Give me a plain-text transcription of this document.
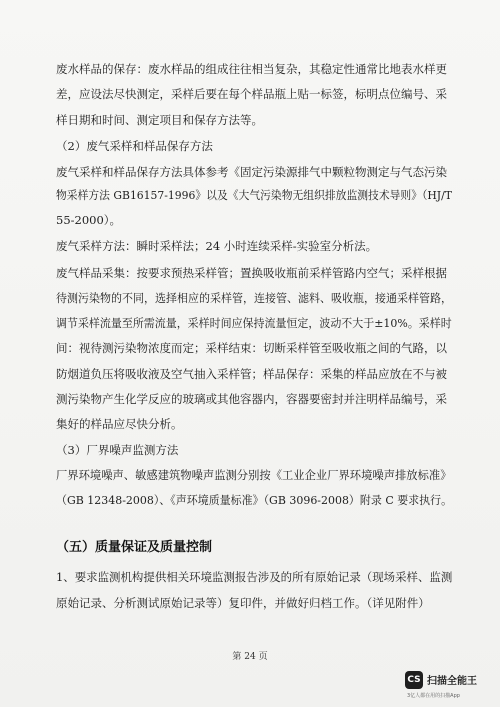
废水样品的保存：废水样品的组成往往相当复杂，其稳定性通常比地表水样更
差，应设法尽快测定，采样后要在每个样品瓶上贴一标签，标明点位编号、采
样日期和时间、测定项目和保存方法等。
（2）废气采样和样品保存方法
废气采样和样品保存方法具体参考《固定污染源排气中颗粒物测定与气态污染
物采样方法 GB16157-1996》以及《大气污染物无组织排放监测技术导则》（HJ/T
55-2000）。
废气采样方法：瞬时采样法；24 小时连续采样-实验室分析法。
废气样品采集：按要求预热采样管；置换吸收瓶前采样管路内空气；采样根据
待测污染物的不同，选择相应的采样管，连接管、滤料、吸收瓶，接通采样管路，
调节采样流量至所需流量，采样时间应保持流量恒定，波动不大于±10%。采样时
间：视待测污染物浓度而定；采样结束：切断采样管至吸收瓶之间的气路，以
防烟道负压将吸收液及空气抽入采样管；样品保存：采集的样品应放在不与被
测污染物产生化学反应的玻璃或其他容器内，容器要密封并注明样品编号，采
集好的样品应尽快分析。
（3）厂界噪声监测方法
厂界环境噪声、敏感建筑物噪声监测分别按《工业企业厂界环境噪声排放标准》
（GB 12348-2008）、《声环境质量标准》（GB 3096-2008）附录 C 要求执行。
（五）质量保证及质量控制
1、要求监测机构提供相关环境监测报告涉及的所有原始记录（现场采样、监测
原始记录、分析测试原始记录等）复印件，并做好归档工作。（详见附件）
第 24 页
CS 扫描全能王
3亿人都在用的扫描App
